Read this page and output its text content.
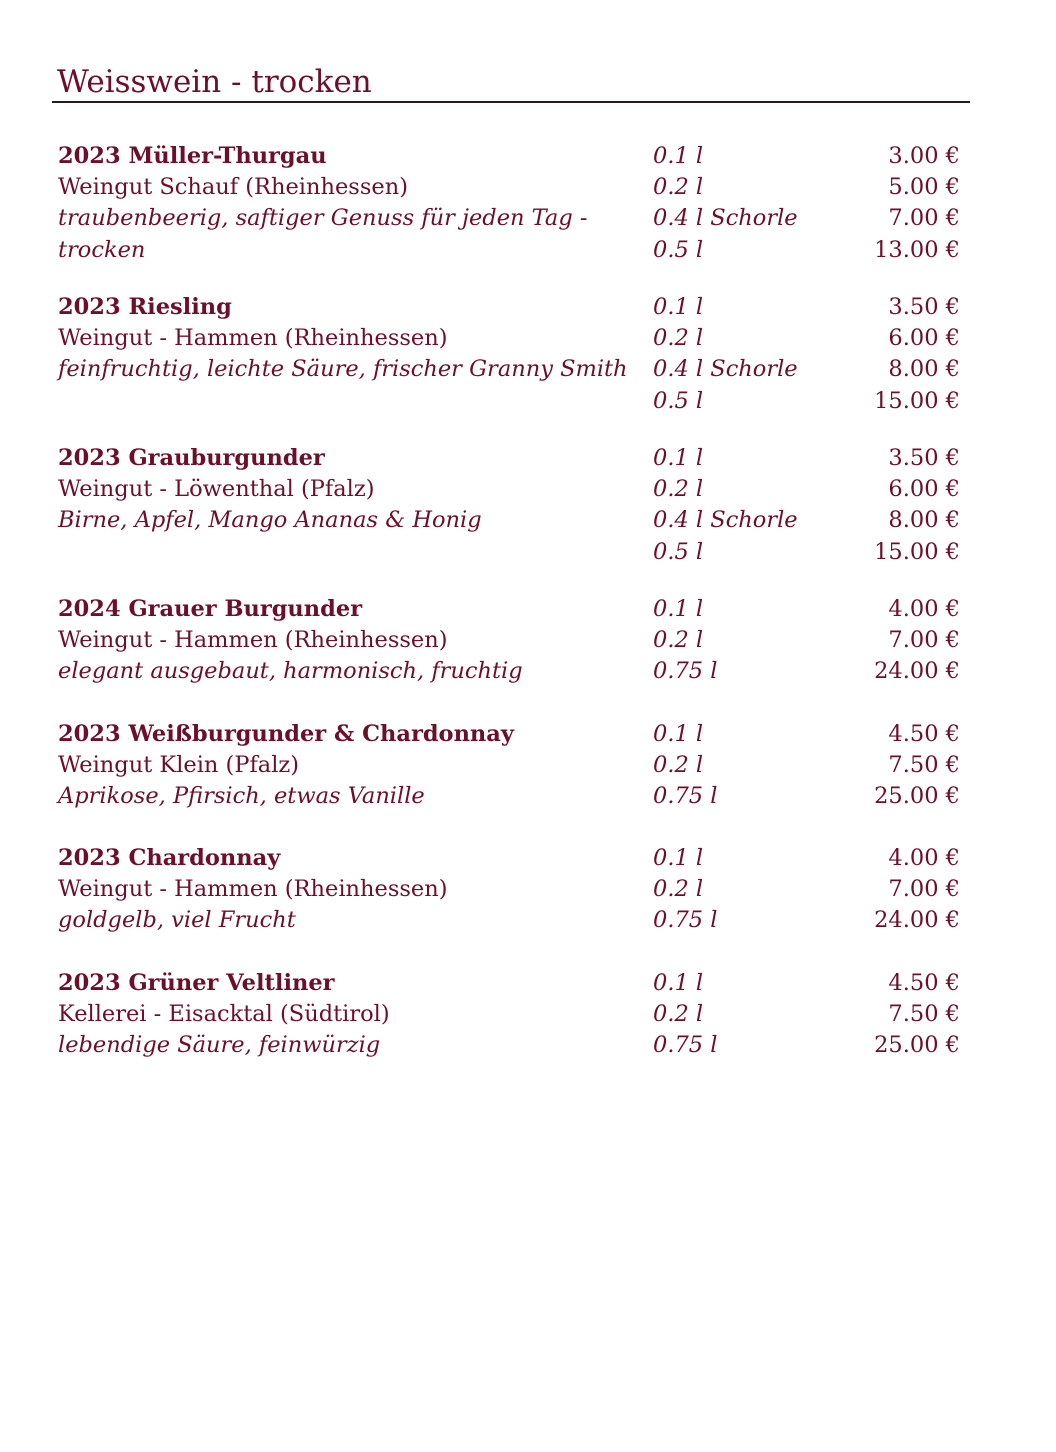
Weisswein - trocken
2023 Müller-Thurgau	0.1 l	3.00 €
Weingut Schauf (Rheinhessen)	0.2 l	5.00 €
traubenbeerig, saftiger Genuss für jeden Tag -	0.4 l Schorle	7.00 €
trocken	0.5 l	13.00 €
2023 Riesling	0.1 l	3.50 €
Weingut - Hammen (Rheinhessen)	0.2 l	6.00 €
feinfruchtig, leichte Säure, frischer Granny Smith 0.4 l Schorle	8.00 €
0.5 l	15.00 €
2023 Grauburgunder	0.1 l	3.50 €
Weingut - Löwenthal (Pfalz)	0.2 l	6.00 €
Birne, Apfel, Mango Ananas & Honig	0.4 l Schorle	8.00 €
0.5 l	15.00 €
2024 Grauer Burgunder	0.1 l	4.00 €
Weingut - Hammen (Rheinhessen)	0.2 l	7.00 €
elegant ausgebaut, harmonisch, fruchtig	0.75 l	24.00 €
2023 Weißburgunder & Chardonnay	0.1 l	4.50 €
Weingut Klein (Pfalz)	0.2 l	7.50 €
Aprikose, Pfirsich, etwas Vanille	0.75 l	25.00 €
2023 Chardonnay	0.1 l	4.00 €
Weingut - Hammen (Rheinhessen)	0.2 l	7.00 €
goldgelb, viel Frucht	0.75 l	24.00 €
2023 Grüner Veltliner	0.1 l	4.50 €
Kellerei - Eisacktal (Südtirol)	0.2 l	7.50 €
lebendige Säure, feinwürzig	0.75 l	25.00 €
